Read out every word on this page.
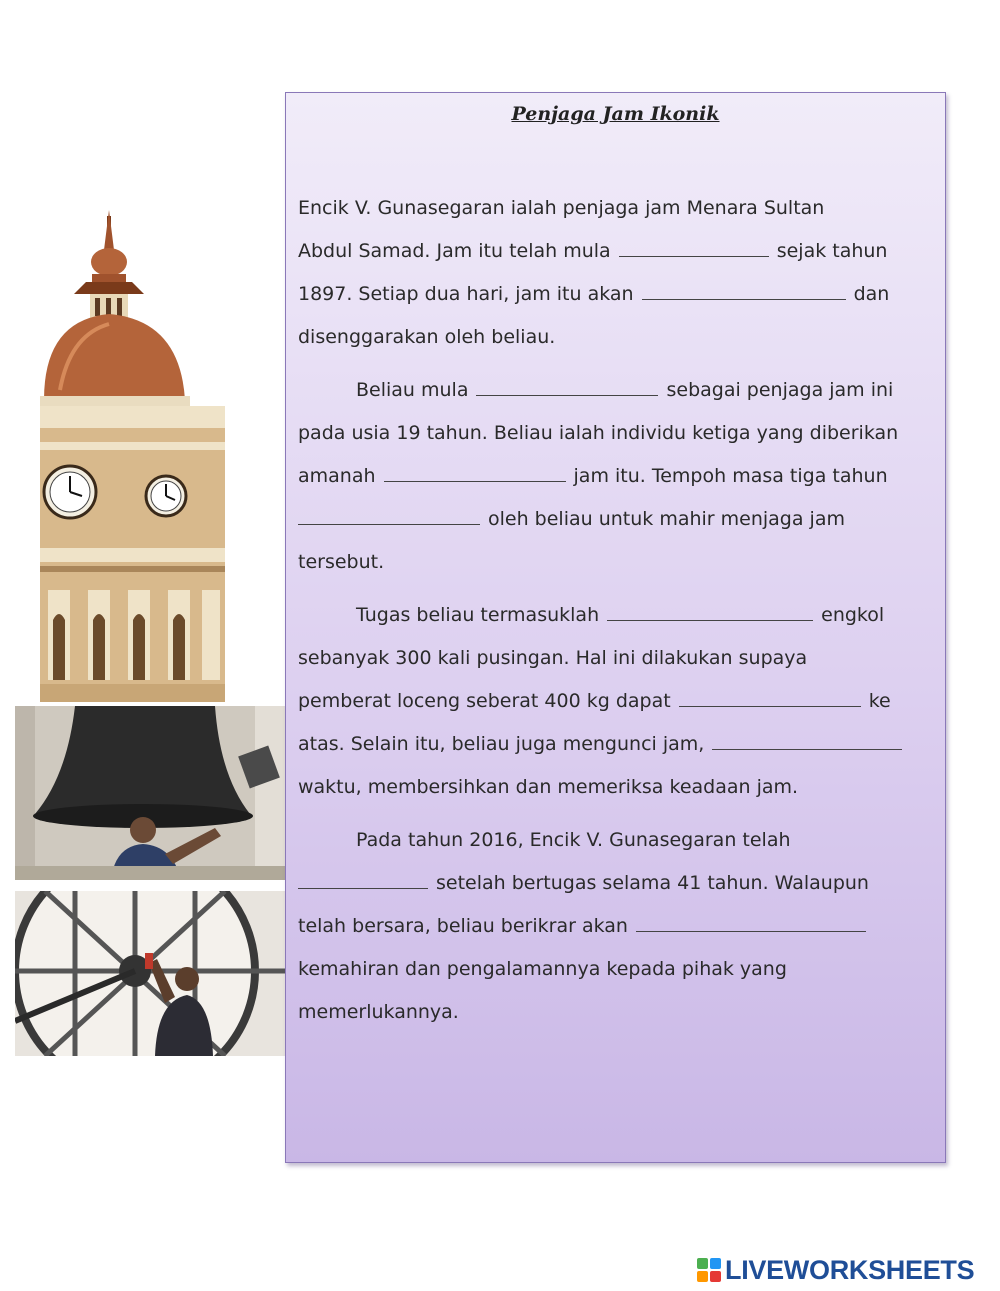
Penjaga Jam Ikonik
Encik V. Gunasegaran ialah penjaga jam Menara Sultan
Abdul Samad. Jam itu telah mula	sejak tahun
1897. Setiap dua hari, jam itu akan	dan
disenggarakan oleh beliau.
Beliau mula	sebagai penjaga jam ini
pada usia 19 tahun. Beliau ialah individu ketiga yang diberikan
amanah	jam itu. Tempoh masa tiga tahun
oleh beliau untuk mahir menjaga jam
tersebut.
Tugas beliau termasuklah	engkol
sebanyak 300 kali pusingan. Hal ini dilakukan supaya
pemberat loceng seberat 400 kg dapat	ke
atas. Selain itu, beliau juga mengunci jam,
waktu, membersihkan dan memeriksa keadaan jam.
Pada tahun 2016, Encik V. Gunasegaran telah
setelah bertugas selama 41 tahun. Walaupun
telah bersara, beliau berikrar akan
kemahiran dan pengalamannya kepada pihak yang
memerlukannya.
LIVEWORKSHEETS
